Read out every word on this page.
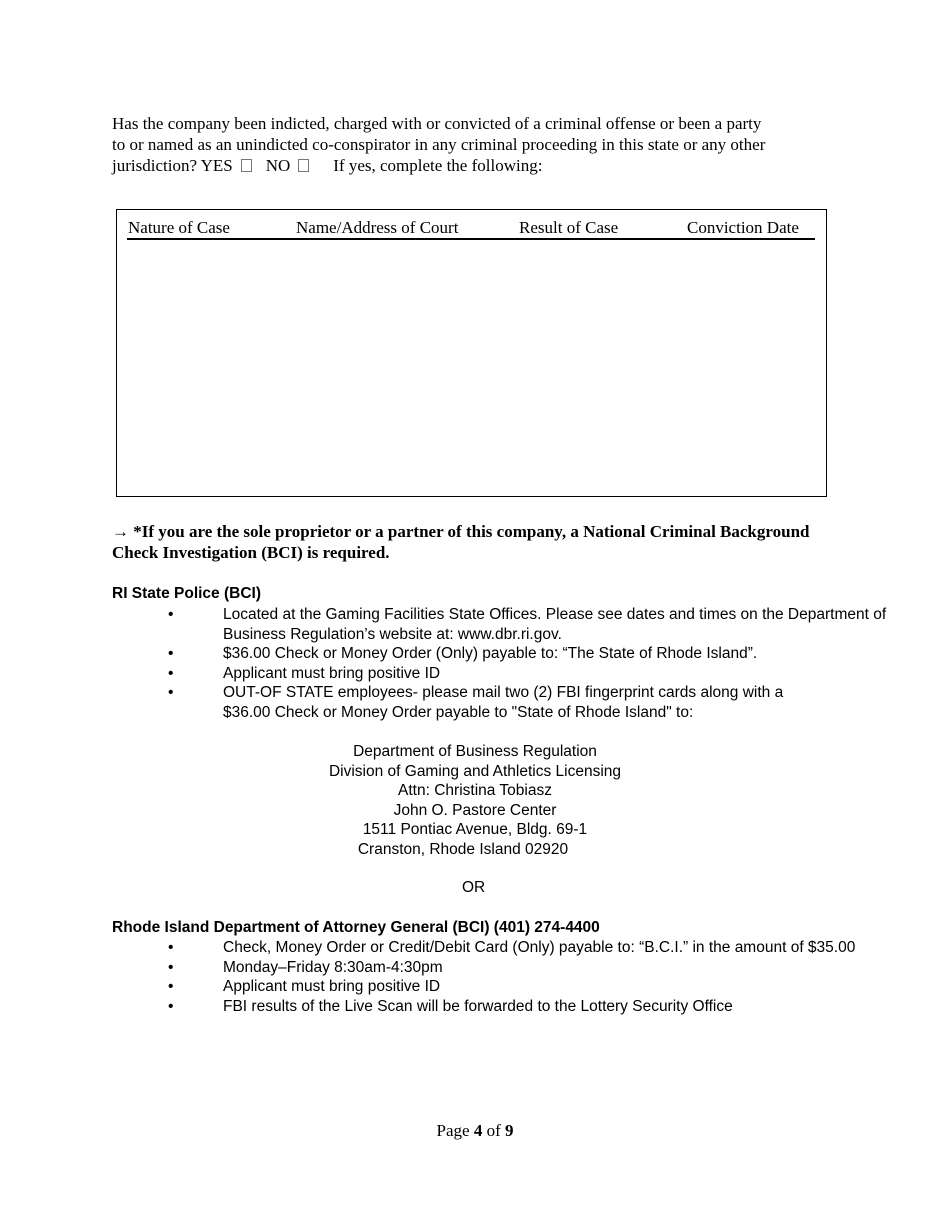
Has the company been indicted, charged with or convicted of a criminal offense or been a party
to or named as an unindicted co-conspirator in any criminal proceeding in this state or any other
jurisdiction? YES NO	If yes, complete the following:
Nature of Case	Name/Address of Court	Result of Case	Conviction Date
→ *If you are the sole proprietor or a partner of this company, a National Criminal Background Check Investigation (BCI) is required.
RI State Police (BCI)
•	Located at the Gaming Facilities State Offices. Please see dates and times on the Department of Business Regulation’s website at: www.dbr.ri.gov.
•	$36.00 Check or Money Order (Only) payable to: “The State of Rhode Island”.
•	Applicant must bring positive ID
•	OUT-OF STATE employees- please mail two (2) FBI fingerprint cards along with a $36.00 Check or Money Order payable to "State of Rhode Island" to:
Department of Business Regulation
Division of Gaming and Athletics Licensing
Attn: Christina Tobiasz
John O. Pastore Center
1511 Pontiac Avenue, Bldg. 69-1
Cranston, Rhode Island 02920
OR
Rhode Island Department of Attorney General (BCI) (401) 274-4400
•	Check, Money Order or Credit/Debit Card (Only) payable to: “B.C.I.” in the amount of $35.00
•	Monday–Friday 8:30am-4:30pm
•	Applicant must bring positive ID
•	FBI results of the Live Scan will be forwarded to the Lottery Security Office
Page 4 of 9
